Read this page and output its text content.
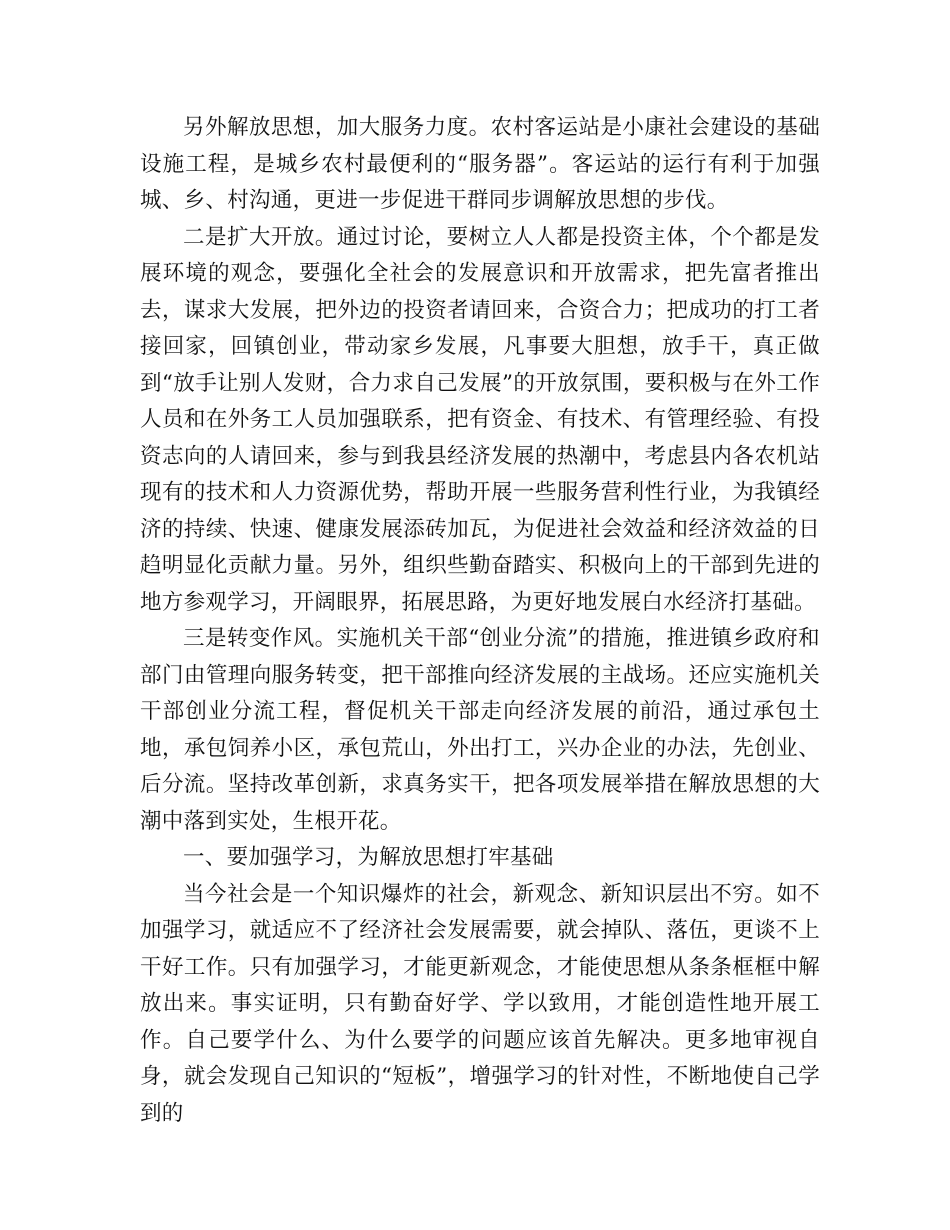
另外解放思想，加大服务力度。农村客运站是小康社会建设的基础设施工程，是城乡农村最便利的“服务器”。客运站的运行有利于加强城、乡、村沟通，更进一步促进干群同步调解放思想的步伐。

二是扩大开放。通过讨论，要树立人人都是投资主体，个个都是发展环境的观念，要强化全社会的发展意识和开放需求，把先富者推出去，谋求大发展，把外边的投资者请回来，合资合力；把成功的打工者接回家，回镇创业，带动家乡发展，凡事要大胆想，放手干，真正做到“放手让别人发财，合力求自己发展”的开放氛围，要积极与在外工作人员和在外务工人员加强联系，把有资金、有技术、有管理经验、有投资志向的人请回来，参与到我县经济发展的热潮中，考虑县内各农机站现有的技术和人力资源优势，帮助开展一些服务营利性行业，为我镇经济的持续、快速、健康发展添砖加瓦，为促进社会效益和经济效益的日趋明显化贡献力量。另外，组织些勤奋踏实、积极向上的干部到先进的地方参观学习，开阔眼界，拓展思路，为更好地发展白水经济打基础。

三是转变作风。实施机关干部“创业分流”的措施，推进镇乡政府和部门由管理向服务转变，把干部推向经济发展的主战场。还应实施机关干部创业分流工程，督促机关干部走向经济发展的前沿，通过承包土地，承包饲养小区，承包荒山，外出打工，兴办企业的办法，先创业、后分流。坚持改革创新，求真务实干，把各项发展举措在解放思想的大潮中落到实处，生根开花。

一、要加强学习，为解放思想打牢基础

当今社会是一个知识爆炸的社会，新观念、新知识层出不穷。如不加强学习，就适应不了经济社会发展需要，就会掉队、落伍，更谈不上干好工作。只有加强学习，才能更新观念，才能使思想从条条框框中解放出来。事实证明，只有勤奋好学、学以致用，才能创造性地开展工作。自己要学什么、为什么要学的问题应该首先解决。更多地审视自身，就会发现自己知识的“短板”，增强学习的针对性，不断地使自己学到的
